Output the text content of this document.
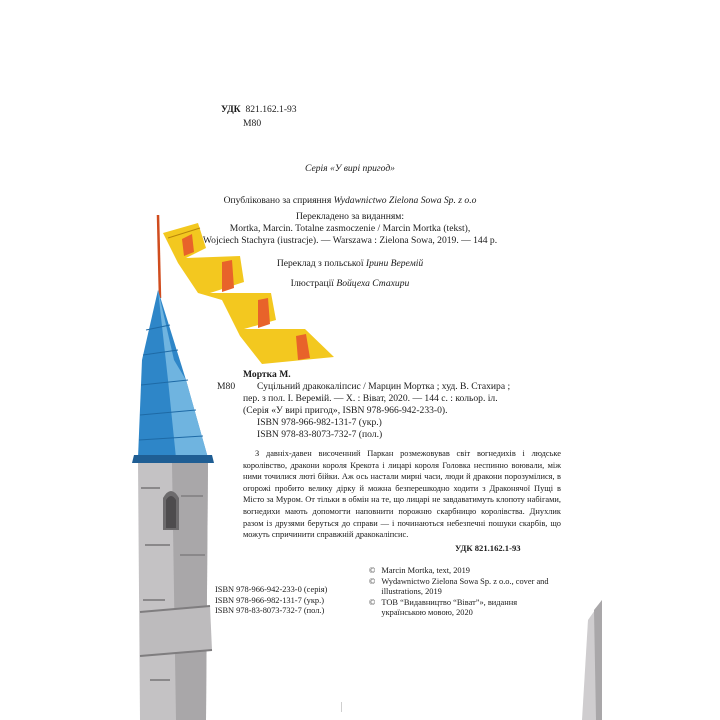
УДК 821.162.1-93
М80
Серія «У вирі пригод»
Опубліковано за сприяння Wydawnictwo Zielona Sowa Sp. z o.o
Перекладено за виданням:
Mortka, Marcin. Totalne zasmoczenie / Marcin Mortka (tekst),
Wojciech Stachyra (iustracje). — Warszawa : Zielona Sowa, 2019. — 144 p.
Переклад з польської Ірини Веремій
Ілюстрації Войцеха Стахири
Мортка М.
М80 Суцільний дракокаліпсис / Марцин Мортка ; худ. В. Стахира ;
пер. з пол. І. Веремій. — Х. : Віват, 2020. — 144 с. : кольор. іл.
(Серія «У вирі пригод», ISBN 978-966-942-233-0).
ISBN 978-966-982-131-7 (укр.)
ISBN 978-83-8073-732-7 (пол.)
З давніх-давен височенний Паркан розмежовував світ вогнедихів і людське королівство, дракони короля Крекота і лицарі короля Головка неспинно воювали, між ними точилися люті бійки. Аж ось настали мирні часи, люди й дракони порозумілися, в огорожі пробито велику дірку й можна безперешкодно ходити з Драконячої Пущі в Місто за Муром. От тільки в обмін на те, що лицарі не завдаватимуть клопоту набігами, вогнедихи мають допомогти наповнити порожню скарбницю королівства. Днухлик разом із друзями беруться до справи — і починаються небезпечні пошуки скарбів, що можуть спричинити справжній дракокаліпсис.
УДК 821.162.1-93
ISBN 978-966-942-233-0 (серія)
ISBN 978-966-982-131-7 (укр.)
ISBN 978-83-8073-732-7 (пол.)
© Marcin Mortka, text, 2019
© Wydawnictwo Zielona Sowa Sp. z o.o., cover and illustrations, 2019
© ТОВ “Видавництво “Віват”», видання українською мовою, 2020
